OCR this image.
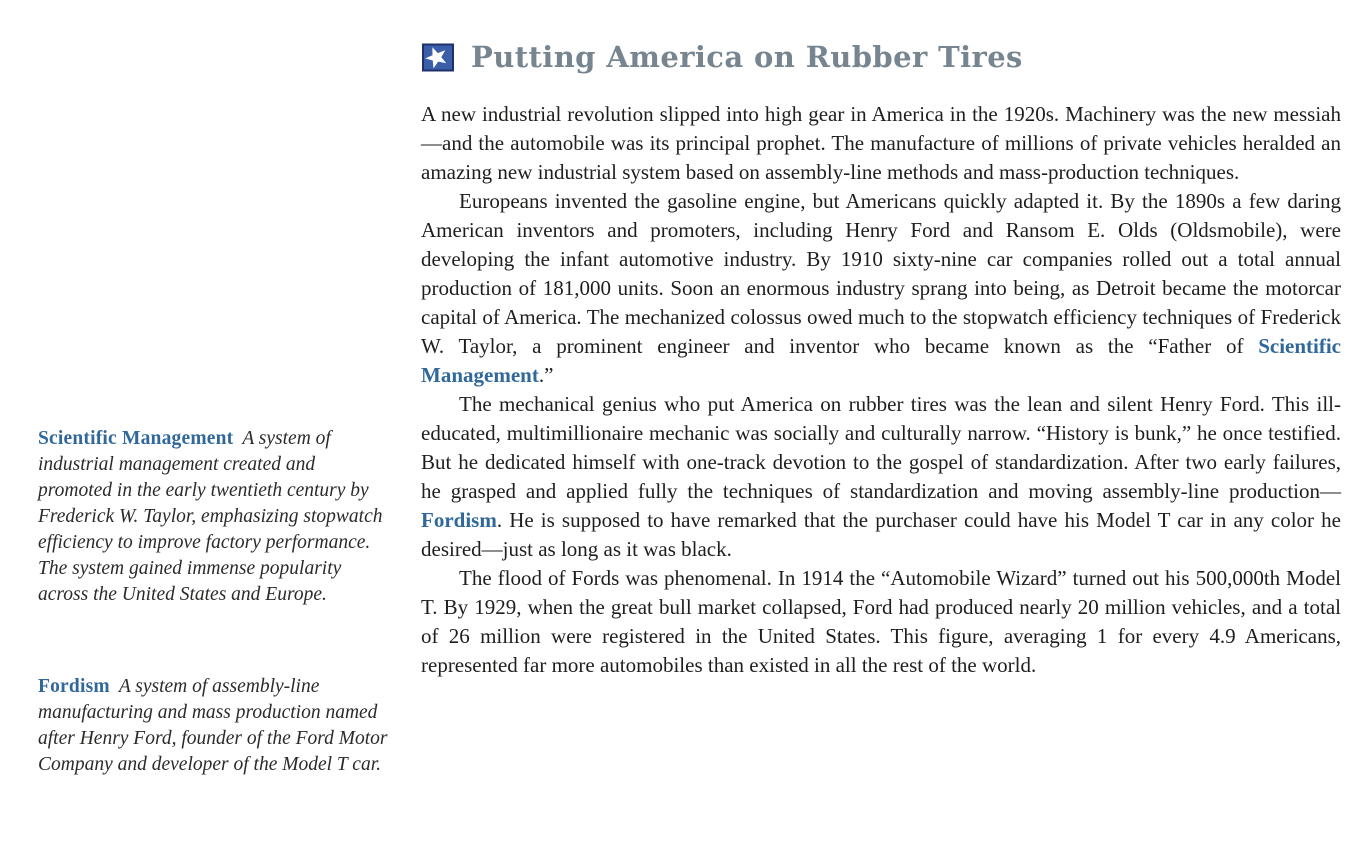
Scientific Management A system of industrial management created and promoted in the early twentieth century by Frederick W. Taylor, emphasizing stopwatch efficiency to improve factory performance. The system gained immense popularity across the United States and Europe.

Fordism A system of assembly-line manufacturing and mass production named after Henry Ford, founder of the Ford Motor Company and developer of the Model T car.

Putting America on Rubber Tires

A new industrial revolution slipped into high gear in America in the 1920s. Machinery was the new messiah—and the automobile was its principal prophet. The manufacture of millions of private vehicles heralded an amazing new industrial system based on assembly-line methods and mass-production techniques.

Europeans invented the gasoline engine, but Americans quickly adapted it. By the 1890s a few daring American inventors and promoters, including Henry Ford and Ransom E. Olds (Oldsmobile), were developing the infant automotive industry. By 1910 sixty-nine car companies rolled out a total annual production of 181,000 units. Soon an enormous industry sprang into being, as Detroit became the motorcar capital of America. The mechanized colossus owed much to the stopwatch efficiency techniques of Frederick W. Taylor, a prominent engineer and inventor who became known as the “Father of Scientific Management.”

The mechanical genius who put America on rubber tires was the lean and silent Henry Ford. This ill-educated, multimillionaire mechanic was socially and culturally narrow. “History is bunk,” he once testified. But he dedicated himself with one-track devotion to the gospel of standardization. After two early failures, he grasped and applied fully the techniques of standardization and moving assembly-line production—Fordism. He is supposed to have remarked that the purchaser could have his Model T car in any color he desired—just as long as it was black.

The flood of Fords was phenomenal. In 1914 the “Automobile Wizard” turned out his 500,000th Model T. By 1929, when the great bull market collapsed, Ford had produced nearly 20 million vehicles, and a total of 26 million were registered in the United States. This figure, averaging 1 for every 4.9 Americans, represented far more automobiles than existed in all the rest of the world.
